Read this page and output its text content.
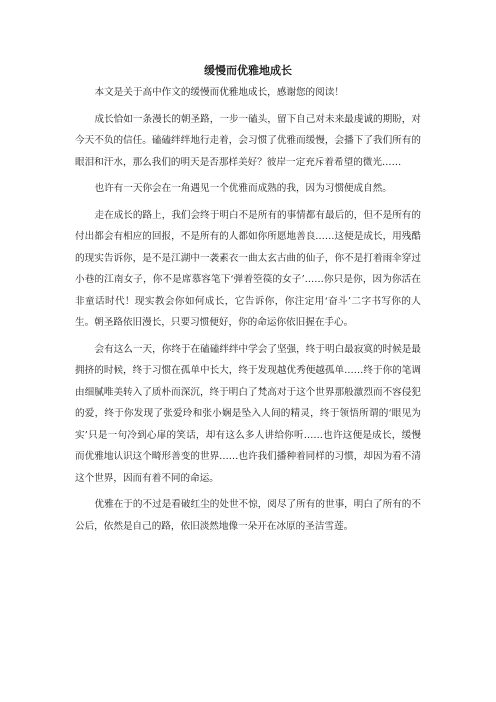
缓慢而优雅地成长

本文是关于高中作文的缓慢而优雅地成长，感谢您的阅读！

成长恰如一条漫长的朝圣路，一步一磕头，留下自己对未来最虔诚的期盼，对今天不负的信任。磕磕绊绊地行走着，会习惯了优雅而缓慢，会播下了我们所有的眼泪和汗水，那么我们的明天是否那样美好？彼岸一定充斥着希望的微光……

也许有一天你会在一角遇见一个优雅而成熟的我，因为习惯便成自然。

走在成长的路上，我们会终于明白不是所有的事情都有最后的，但不是所有的付出都会有相应的回报，不是所有的人都如你所愿地善良……这便是成长，用残酷的现实告诉你，是不是江湖中一袭素衣一曲太玄古曲的仙子，你不是打着雨伞穿过小巷的江南女子，你不是席慕容笔下‘弹着箜篌的女子’……你只是你，因为你活在非童话时代！现实教会你如何成长，它告诉你，你注定用‘奋斗’二字书写你的人生。朝圣路依旧漫长，只要习惯便好，你的命运你依旧握在手心。

会有这么一天，你终于在磕磕绊绊中学会了坚强，终于明白最寂寞的时候是最拥挤的时候，终于习惯在孤单中长大，终于发现越优秀便越孤单……终于你的笔调由细腻唯美转入了质朴而深沉，终于明白了梵高对于这个世界那般激烈而不容侵犯的爱，终于你发现了张爱玲和张小娴是坠入人间的精灵，终于领悟所谓的‘眼见为实’只是一句冷到心扉的笑话，却有这么多人讲给你听……也许这便是成长，缓慢而优雅地认识这个畸形善变的世界……也许我们播种着同样的习惯，却因为看不清这个世界，因而有着不同的命运。

优雅在于的不过是看破红尘的处世不惊，阅尽了所有的世事，明白了所有的不公后，依然是自己的路，依旧淡然地像一朵开在冰原的圣洁雪莲。
